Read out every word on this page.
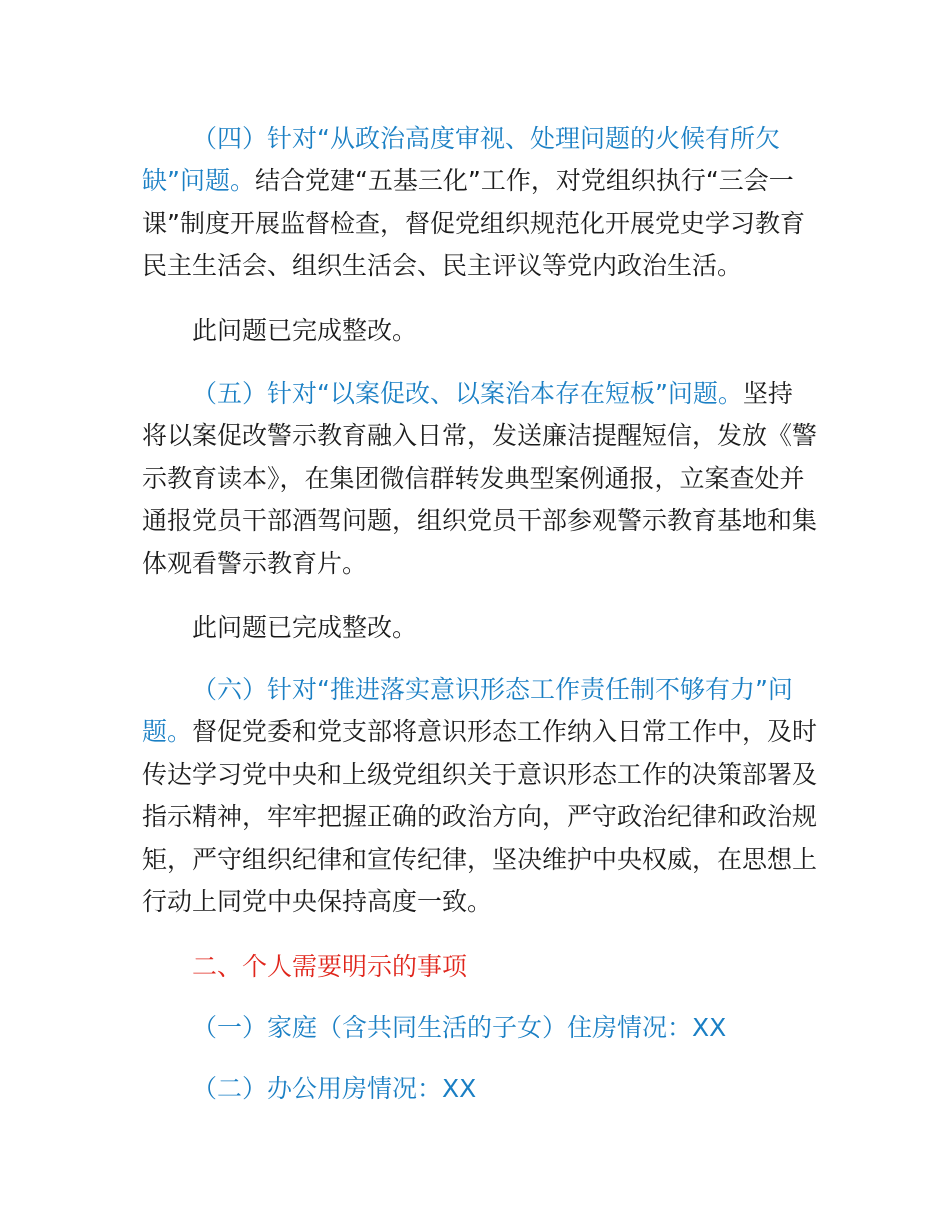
（四）针对“从政治高度审视、处理问题的火候有所欠
缺”问题。结合党建“五基三化”工作，对党组织执行“三会一
课”制度开展监督检查，督促党组织规范化开展党史学习教育
民主生活会、组织生活会、民主评议等党内政治生活。
此问题已完成整改。
（五）针对“以案促改、以案治本存在短板”问题。坚持
将以案促改警示教育融入日常，发送廉洁提醒短信，发放《警
示教育读本》，在集团微信群转发典型案例通报，立案查处并
通报党员干部酒驾问题，组织党员干部参观警示教育基地和集
体观看警示教育片。
此问题已完成整改。
（六）针对“推进落实意识形态工作责任制不够有力”问
题。督促党委和党支部将意识形态工作纳入日常工作中，及时
传达学习党中央和上级党组织关于意识形态工作的决策部署及
指示精神，牢牢把握正确的政治方向，严守政治纪律和政治规
矩，严守组织纪律和宣传纪律，坚决维护中央权威，在思想上
行动上同党中央保持高度一致。
二、个人需要明示的事项
（一）家庭（含共同生活的子女）住房情况：XX
（二）办公用房情况：XX
